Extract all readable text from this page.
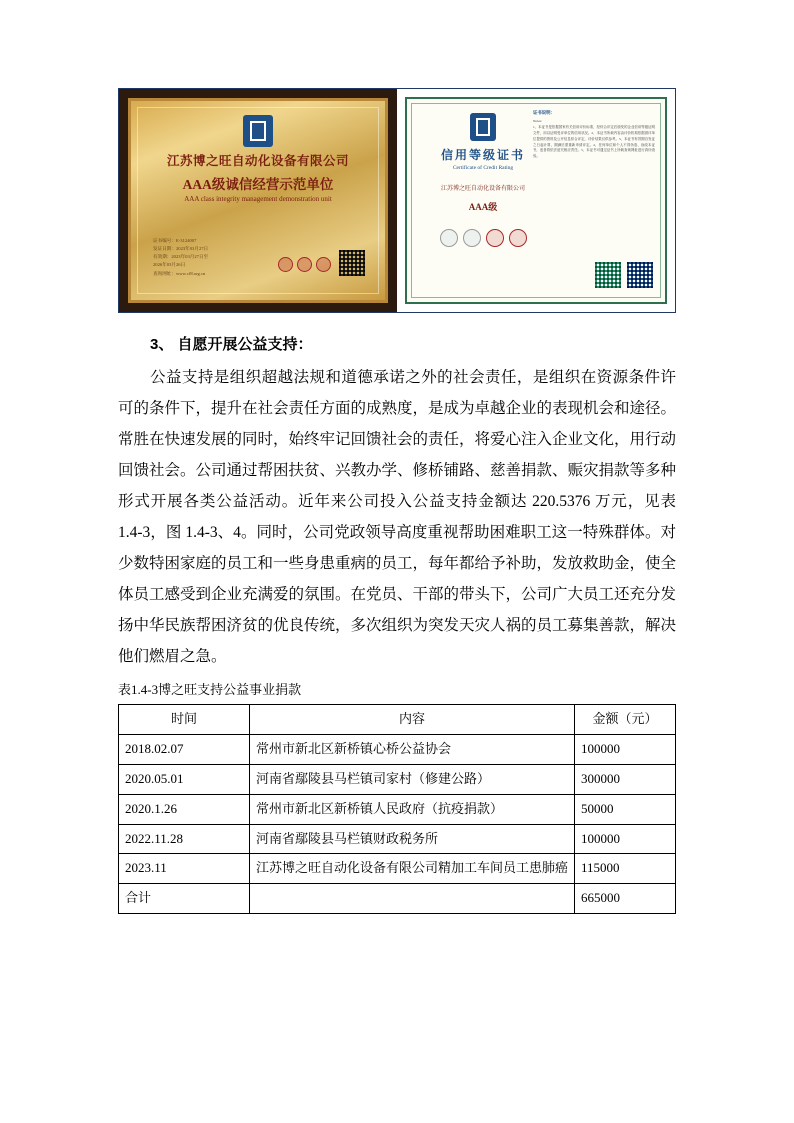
江苏博之旺自动化设备有限公司
AAA级诚信经营示范单位
AAA class integrity management demonstration unit
证书编号：E-3124007
发证日期：2023年03月27日
有效期：2023年03月27日至
2026年03月26日
查询网址：www.cf8.org.cn
信用等级证书
Certificate of Credit Rating
江苏博之旺自动化设备有限公司
AAA级
证书说明：
Notes:
1、本证书是依据国家有关信用评价标准，经综合评定后颁发的企业信用等级证明文件，用以证明受评单位的信用状况。2、本证书所载内容由评价机构依据被评单位提供的资料及公开信息综合评定，评价结果仅供参考。3、本证书有效期自发证之日起计算，期满后需重新申请评定。4、任何单位和个人不得伪造、涂改本证书，违者将依法追究相应责任。5、本证书可通过证书上所载查询网址进行真伪查验。
3、 自愿开展公益支持：
公益支持是组织超越法规和道德承诺之外的社会责任，是组织在资源条件许可的条件下，提升在社会责任方面的成熟度，是成为卓越企业的表现机会和途径。常胜在快速发展的同时，始终牢记回馈社会的责任，将爱心注入企业文化，用行动回馈社会。公司通过帮困扶贫、兴教办学、修桥铺路、慈善捐款、赈灾捐款等多种形式开展各类公益活动。近年来公司投入公益支持金额达 220.5376 万元，见表 1.4-3，图 1.4-3、4。同时，公司党政领导高度重视帮助困难职工这一特殊群体。对少数特困家庭的员工和一些身患重病的员工，每年都给予补助，发放救助金，使全体员工感受到企业充满爱的氛围。在党员、干部的带头下，公司广大员工还充分发扬中华民族帮困济贫的优良传统，多次组织为突发天灾人祸的员工募集善款，解决他们燃眉之急。
表1.4-3博之旺支持公益事业捐款
时间	内容	金额（元）
2018.02.07	常州市新北区新桥镇心桥公益协会	100000
2020.05.01	河南省鄢陵县马栏镇司家村（修建公路）	300000
2020.1.26	常州市新北区新桥镇人民政府（抗疫捐款）	50000
2022.11.28	河南省鄢陵县马栏镇财政税务所	100000
2023.11	江苏博之旺自动化设备有限公司精加工车间员工患肺癌	115000
合计		665000
